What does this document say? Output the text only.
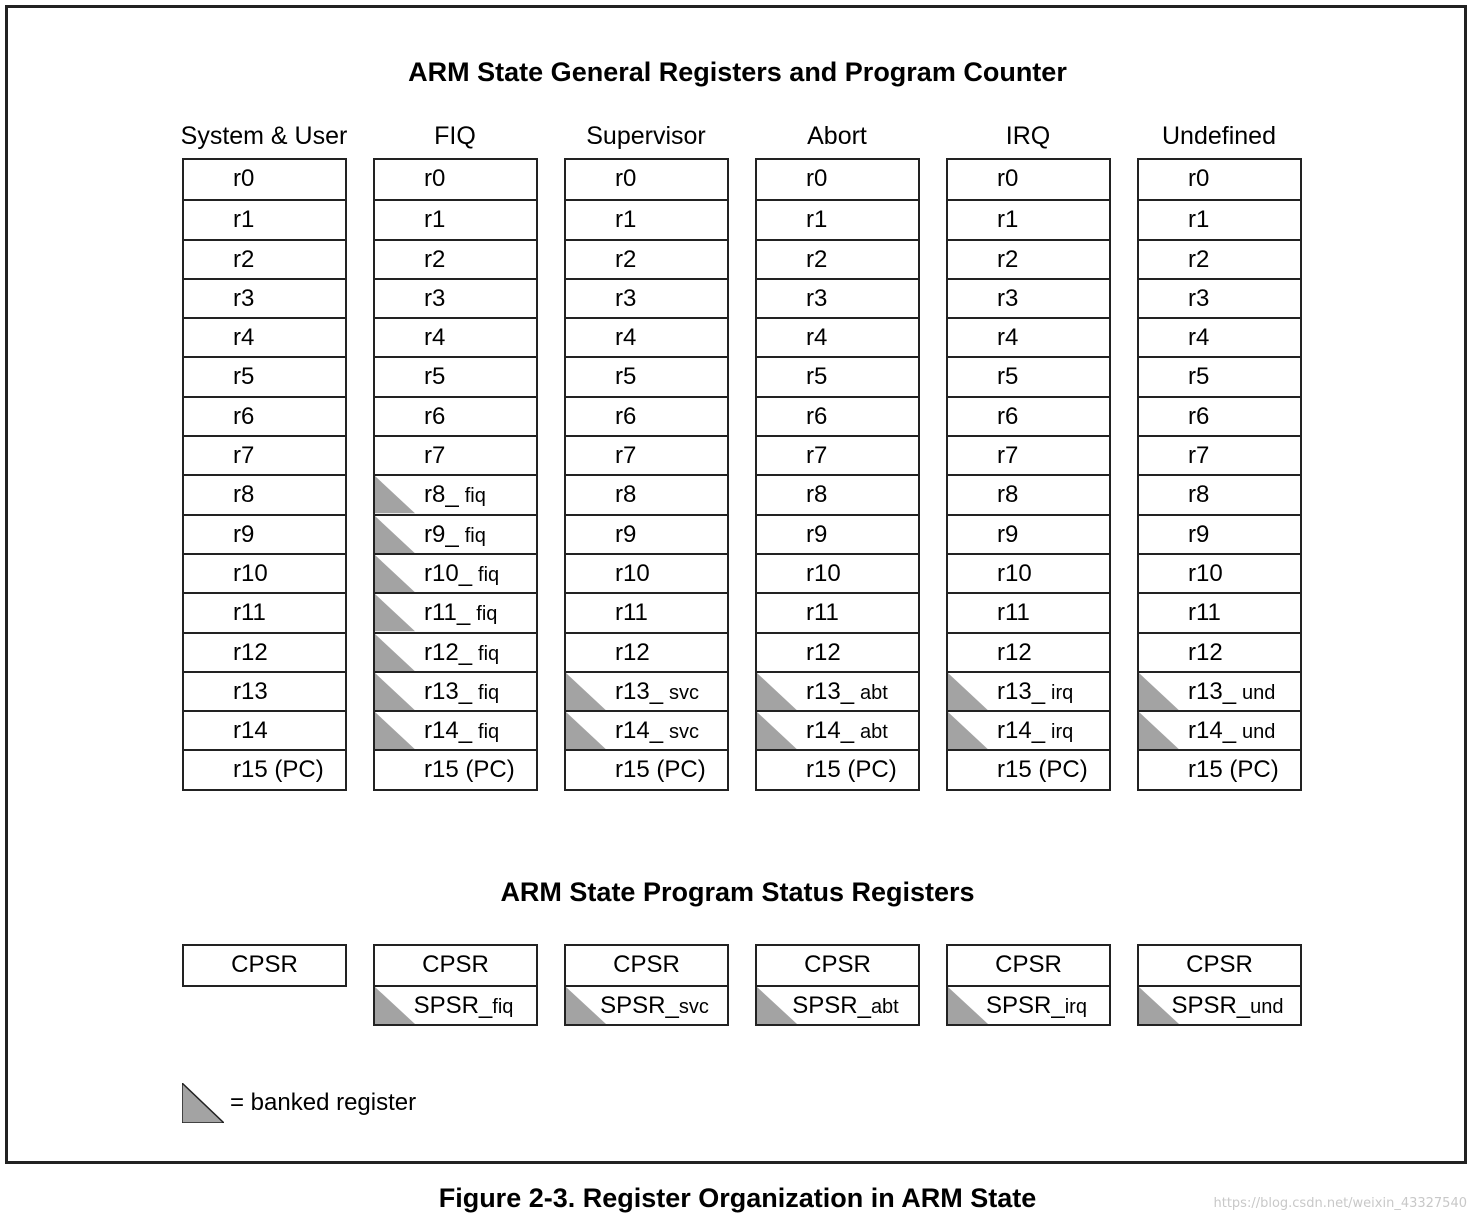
ARM State General Registers and Program Counter
System & User
r0
r1
r2
r3
r4
r5
r6
r7
r8
r9
r10
r11
r12
r13
r14
r15 (PC)
FIQ
r0
r1
r2
r3
r4
r5
r6
r7
r8_ fiq
r9_ fiq
r10_ fiq
r11_ fiq
r12_ fiq
r13_ fiq
r14_ fiq
r15 (PC)
Supervisor
r0
r1
r2
r3
r4
r5
r6
r7
r8
r9
r10
r11
r12
r13_ svc
r14_ svc
r15 (PC)
Abort
r0
r1
r2
r3
r4
r5
r6
r7
r8
r9
r10
r11
r12
r13_ abt
r14_ abt
r15 (PC)
IRQ
r0
r1
r2
r3
r4
r5
r6
r7
r8
r9
r10
r11
r12
r13_ irq
r14_ irq
r15 (PC)
Undefined
r0
r1
r2
r3
r4
r5
r6
r7
r8
r9
r10
r11
r12
r13_ und
r14_ und
r15 (PC)
ARM State Program Status Registers
CPSR	CPSR
SPSR_fiq
CPSR
SPSR_svc
CPSR
SPSR_abt
CPSR
SPSR_irq
CPSR
SPSR_und
= banked register
Figure 2-3. Register Organization in ARM State	https://blog.csdn.net/weixin_43327540
